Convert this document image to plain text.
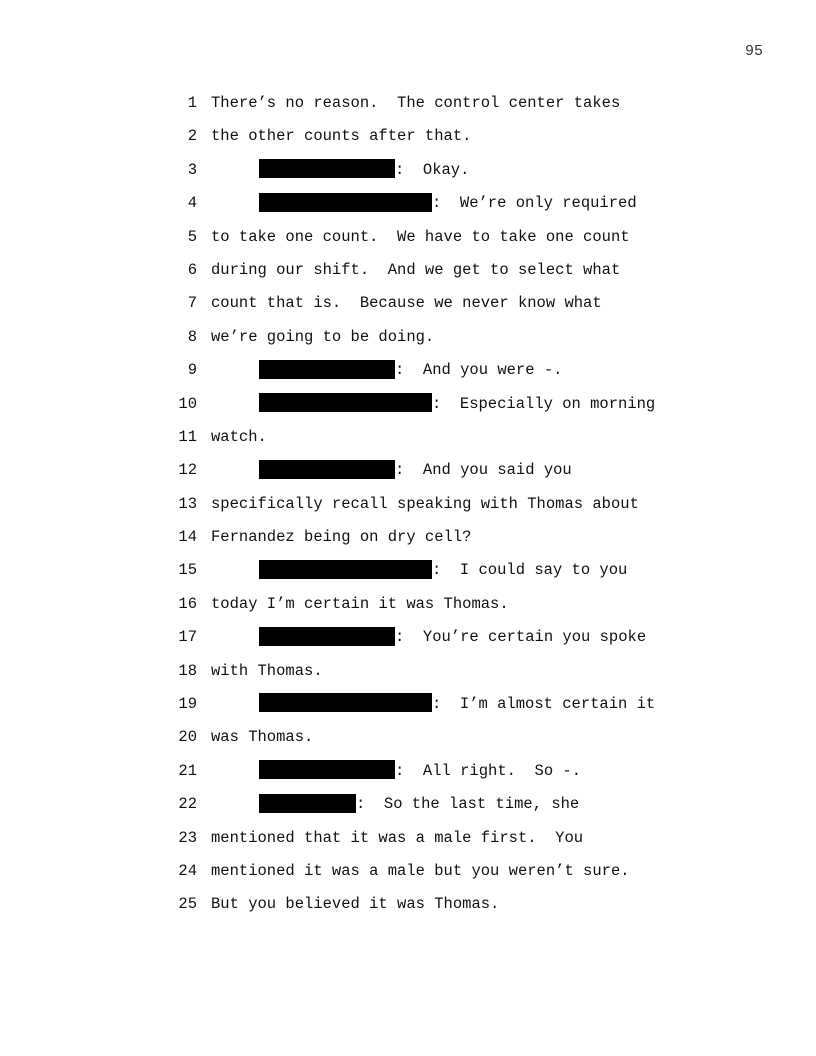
95
1 There’s no reason.  The control center takes
2 the other counts after that.
3	:  Okay.
4	:  We’re only required
5 to take one count.  We have to take one count
6 during our shift.  And we get to select what
7 count that is.  Because we never know what
8 we’re going to be doing.
9	:  And you were -.
10	:  Especially on morning
11 watch.
12	:  And you said you
13 specifically recall speaking with Thomas about
14 Fernandez being on dry cell?
15	:  I could say to you
16 today I’m certain it was Thomas.
17	:  You’re certain you spoke
18 with Thomas.
19	:  I’m almost certain it
20 was Thomas.
21	:  All right.  So -.
22	:  So the last time, she
23 mentioned that it was a male first.  You
24 mentioned it was a male but you weren’t sure.
25 But you believed it was Thomas.
